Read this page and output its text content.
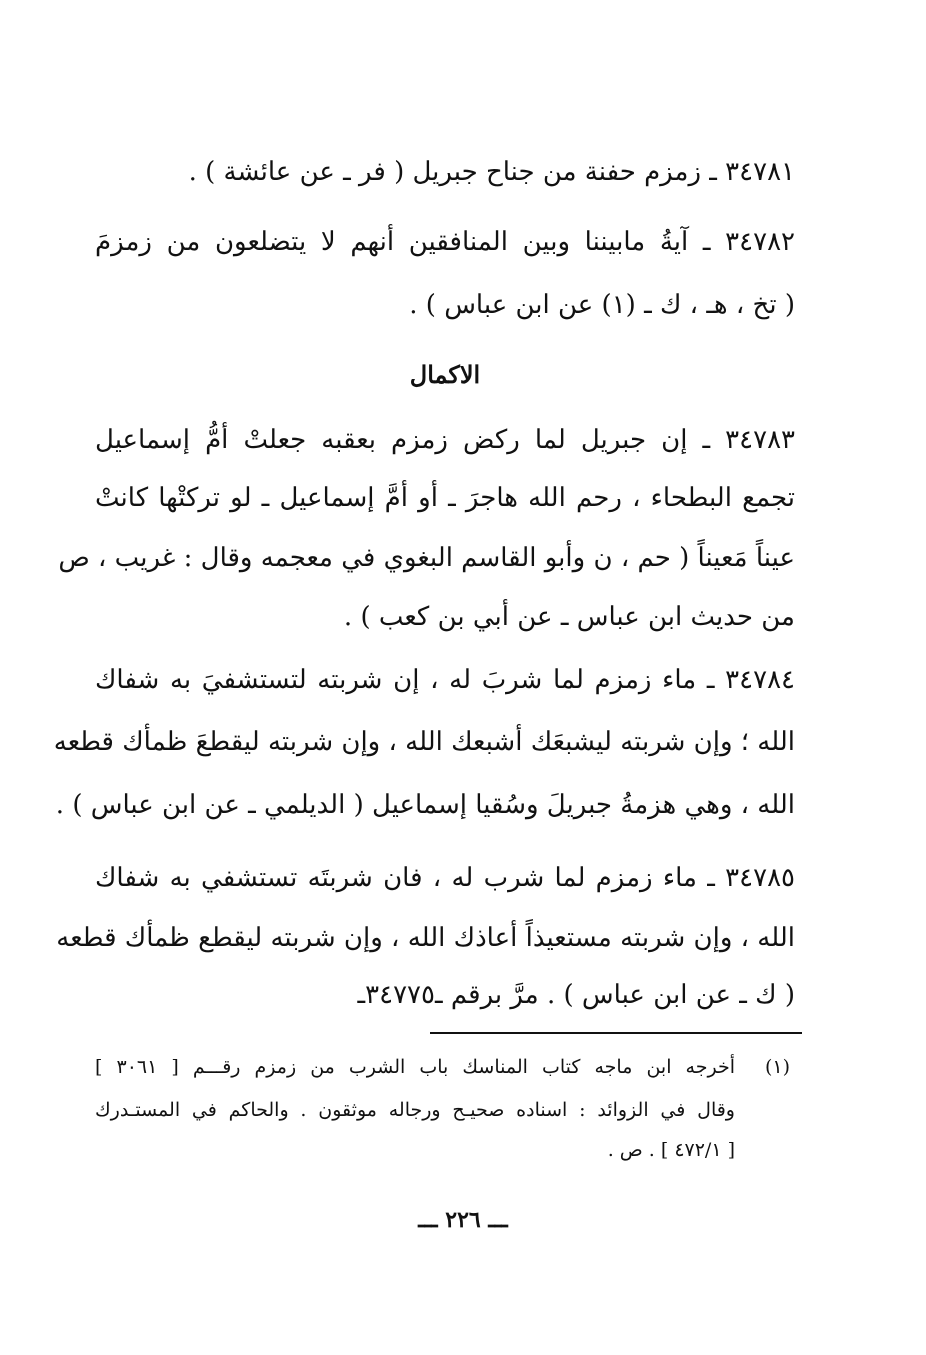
٣٤٧٨١ ـ زمزم حفنة من جناح جبريل ( فر ـ عن عائشة ) .
٣٤٧٨٢ ـ آيةُ مابيننا وبين المنافقين أنهم لا يتضلعون من زمزمَ
( تخ ، هـ ، ك ـ (١) عن ابن عباس ) .
الاكمال
٣٤٧٨٣ ـ إن جبريل لما ركض زمزم بعقبه جعلتْ أمُّ إسماعيل
تجمع البطحاء ، رحم الله هاجرَ ـ أو أمَّ إسماعيل ـ لو تركتْها كانتْ
عيناً مَعيناً ( حم ، ن وأبو القاسم البغوي في معجمه وقال : غريب ، ص
من حديث ابن عباس ـ عن أبي بن كعب ) .
٣٤٧٨٤ ـ ماء زمزم لما شربَ له ، إن شربته لتستشفيَ به شفاك
الله ؛ وإن شربته ليشبعَك أشبعك الله ، وإن شربته ليقطعَ ظمأك قطعه
الله ، وهي هزمةُ جبريلَ وسُقيا إسماعيل ( الديلمي ـ عن ابن عباس ) .
٣٤٧٨٥ ـ ماء زمزم لما شرب له ، فان شربتَه تستشفي به شفاك
الله ، وإن شربته مستعيذاً أعاذك الله ، وإن شربته ليقطع ظمأك قطعه
( ك ـ عن ابن عباس ) . مرَّ برقم ـ٣٤٧٧٥ـ
(١)
أخرجه ابن ماجه كتاب المناسك باب الشرب من زمزم رقـــم [ ٣٠٦١ ]
وقال في الزوائد : اسناده صحيـح ورجاله موثقون . والحاكم في المستـدرك
[ ٤٧٢/١ ] . ص .
ـــ ٢٢٦ ـــ
